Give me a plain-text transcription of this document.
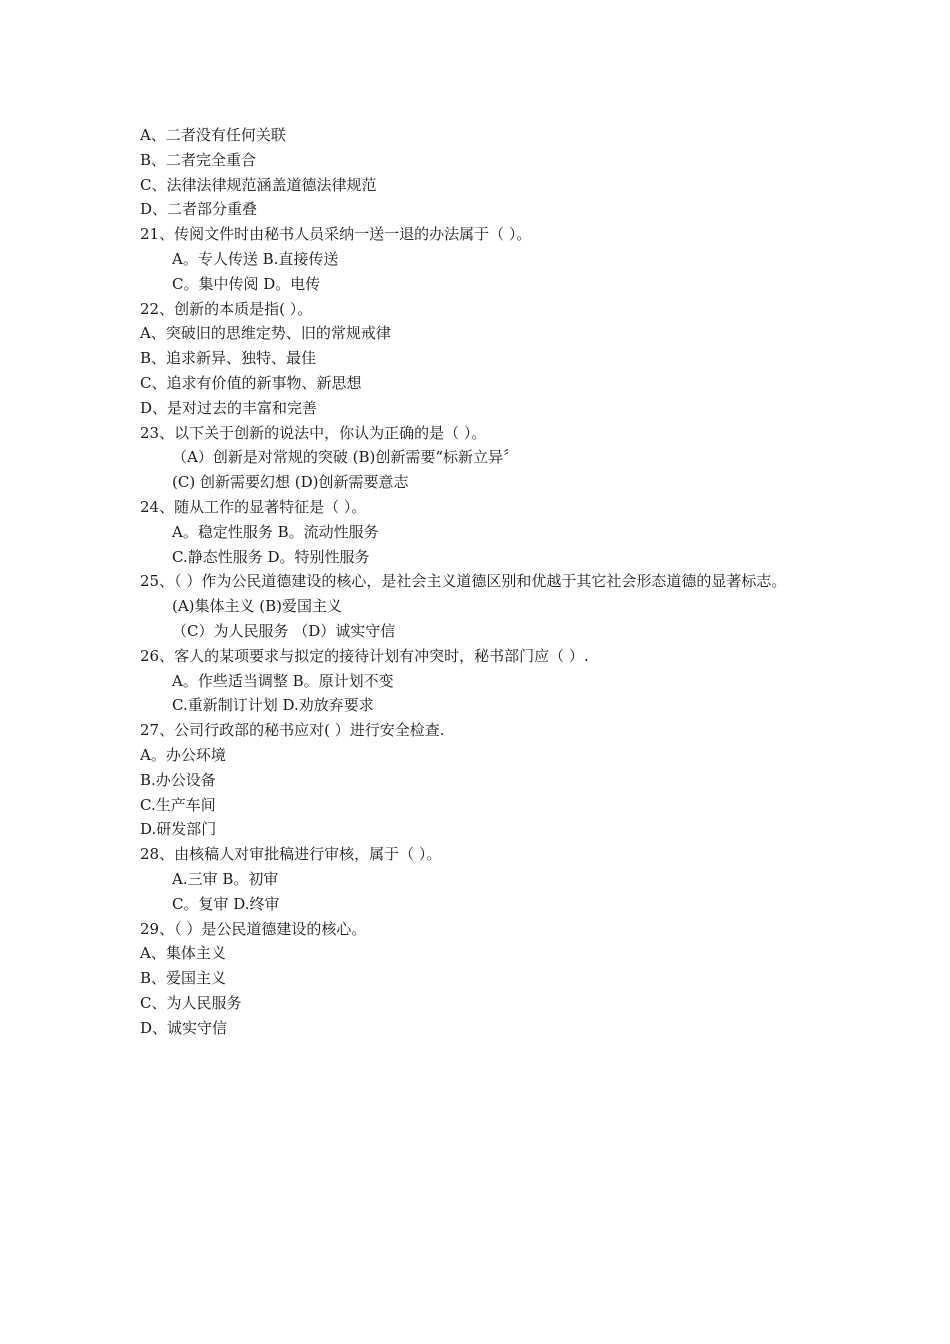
A、二者没有任何关联
B、二者完全重合
C、法律法律规范涵盖道德法律规范
D、二者部分重叠
21、传阅文件时由秘书人员采纳一送一退的办法属于（ ）。
A。专人传送 B.直接传送
C。集中传阅 D。电传
22、创新的本质是指( ）。
A、突破旧的思维定势、旧的常规戒律
B、追求新异、独特、最佳
C、追求有价值的新事物、新思想
D、是对过去的丰富和完善
23、以下关于创新的说法中，你认为正确的是（ ）。
（A）创新是对常规的突破 (B)创新需要“标新立异〞
(C) 创新需要幻想 (D)创新需要意志
24、随从工作的显著特征是（ ）。
A。稳定性服务 B。流动性服务
C.静态性服务 D。特别性服务
25、（ ）作为公民道德建设的核心，是社会主义道德区别和优越于其它社会形态道德的显著标志。
(A)集体主义 (B)爱国主义
（C）为人民服务 （D）诚实守信
26、客人的某项要求与拟定的接待计划有冲突时，秘书部门应（ ）.
A。作些适当调整 B。原计划不变
C.重新制订计划 D.劝放弃要求
27、公司行政部的秘书应对( ）进行安全检查.
A。办公环境
B.办公设备
C.生产车间
D.研发部门
28、由核稿人对审批稿进行审核，属于（ ）。
A.三审 B。初审
C。复审 D.终审
29、（ ）是公民道德建设的核心。
A、集体主义
B、爱国主义
C、为人民服务
D、诚实守信
